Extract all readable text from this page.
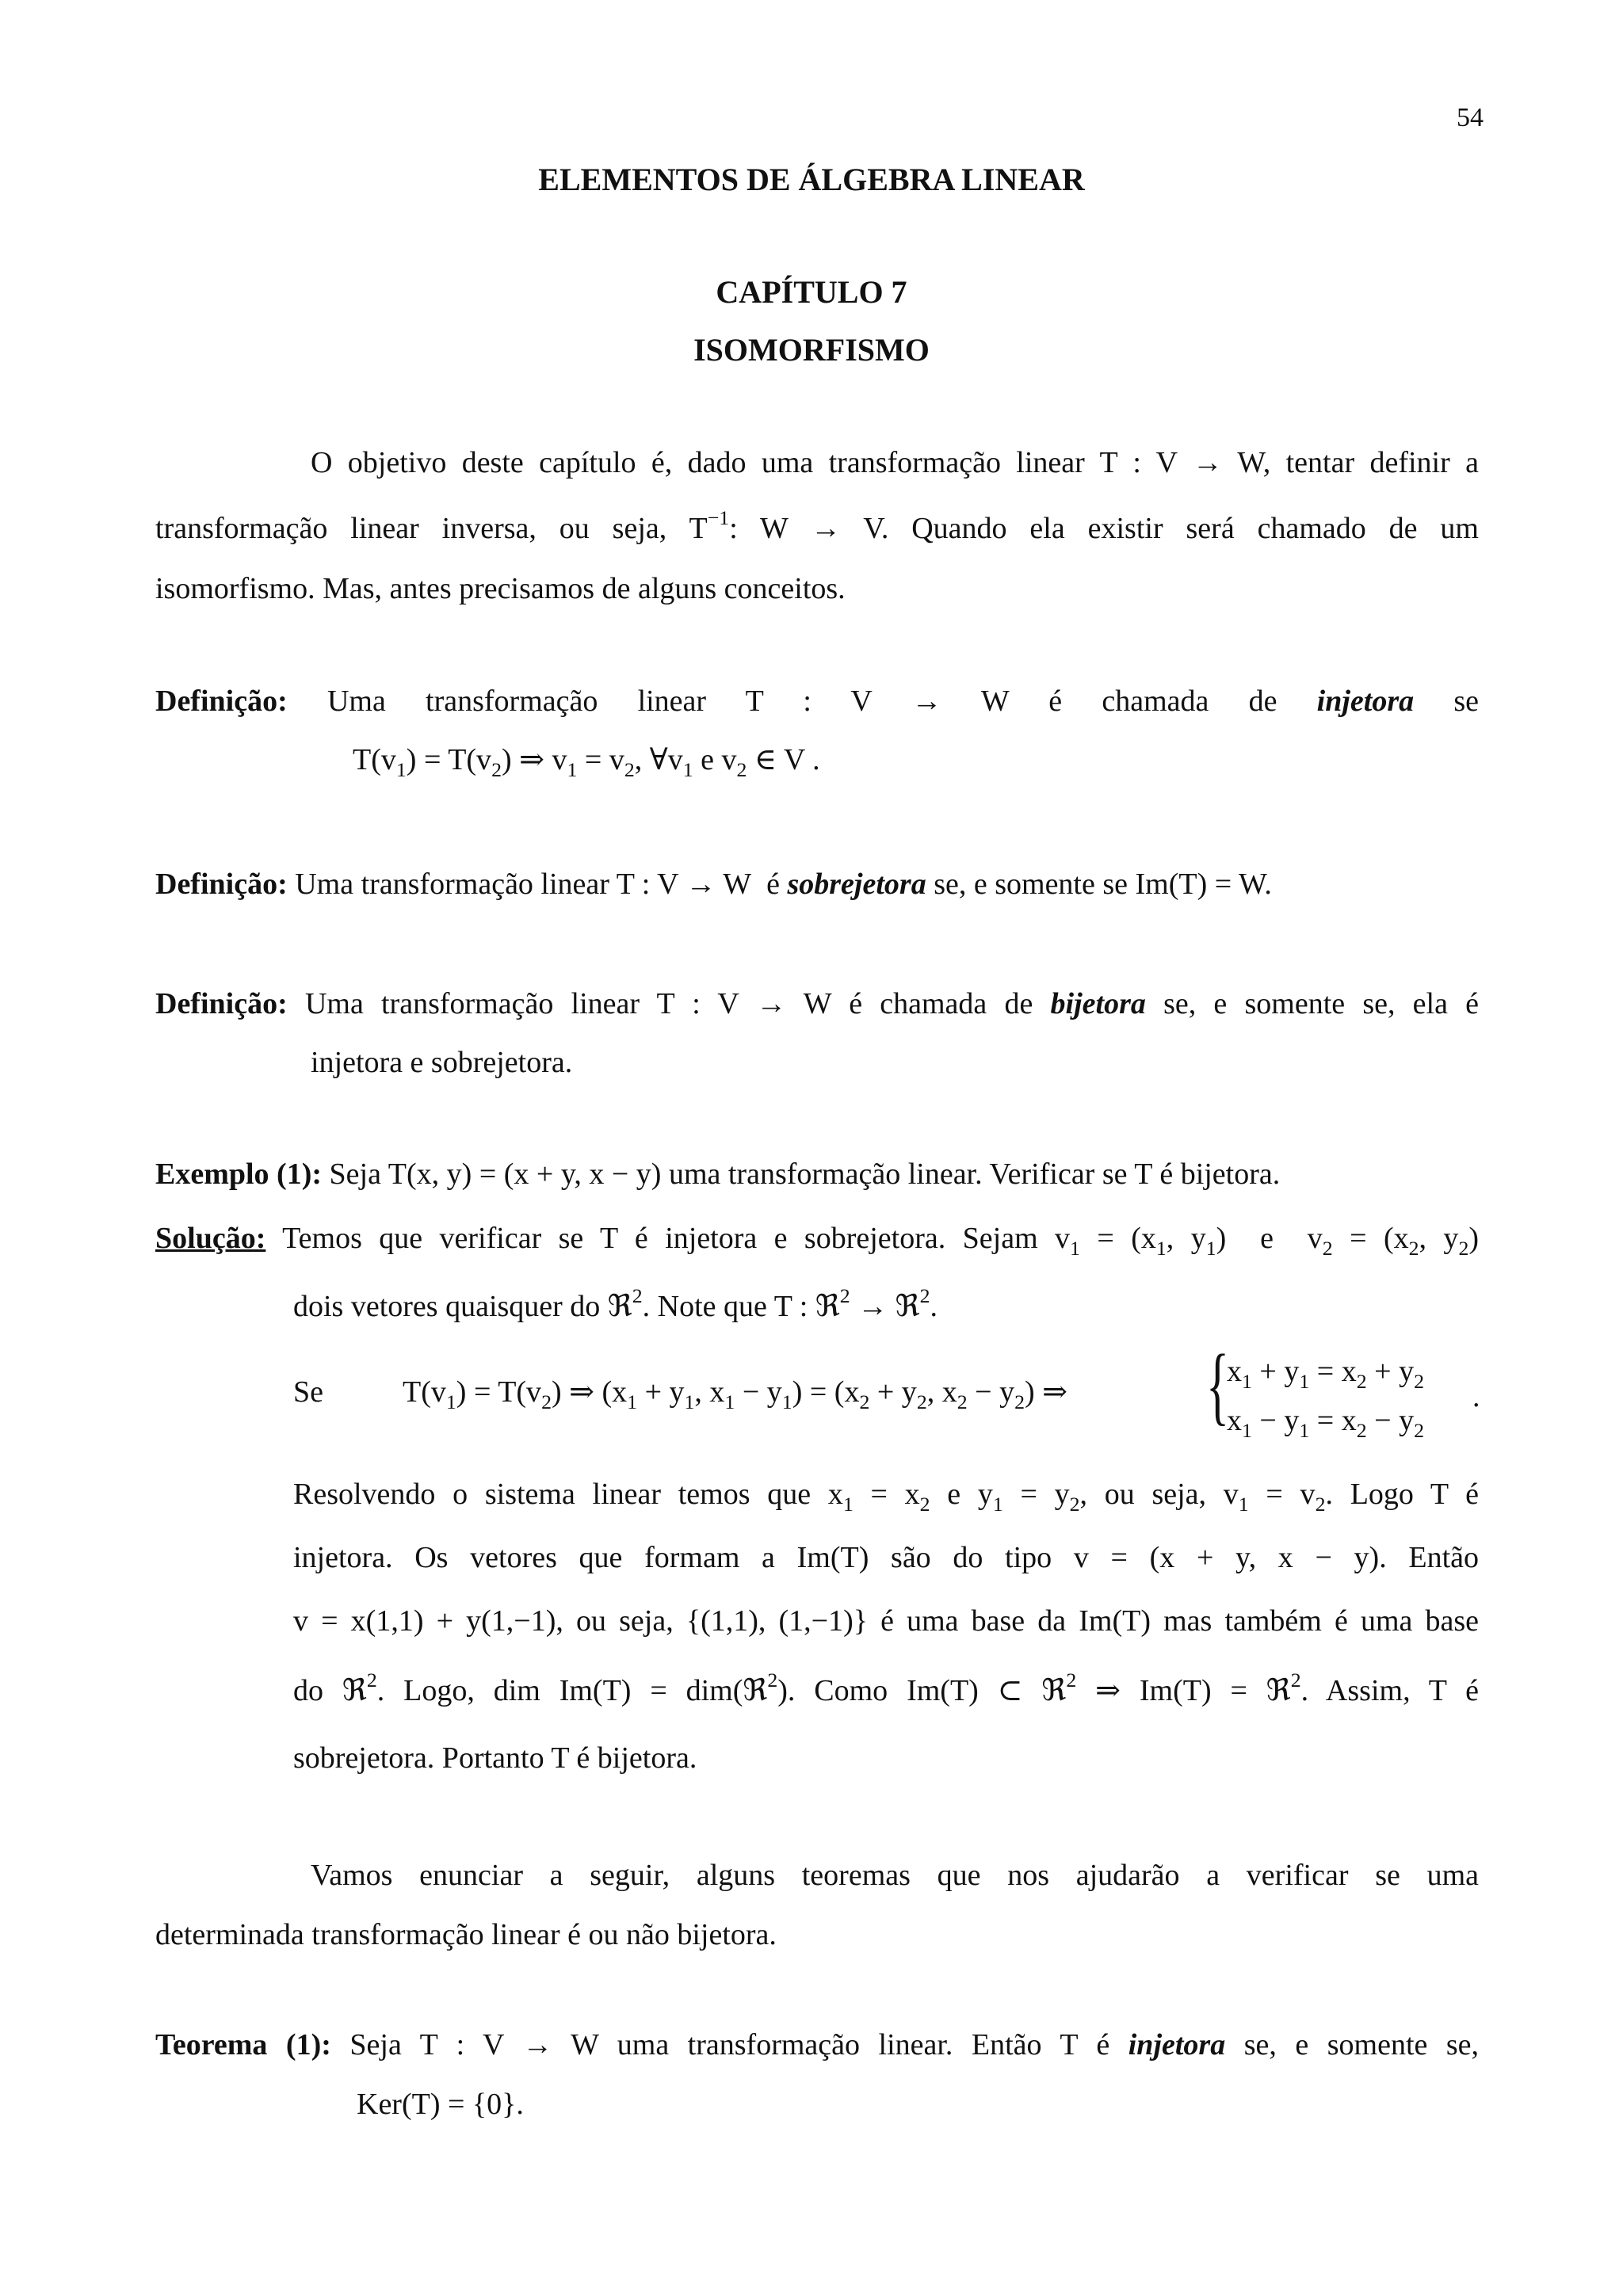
54
ELEMENTOS DE ÁLGEBRA LINEAR
CAPÍTULO 7
ISOMORFISMO
O objetivo deste capítulo é, dado uma transformação linear T : V → W, tentar definir a
transformação linear inversa, ou seja, $T^{-1}$: W → V. Quando ela existir será chamado de um
isomorfismo. Mas, antes precisamos de alguns conceitos.
Definição: Uma transformação linear T : V → W é chamada de injetora se
$T(v_1) = T(v_2)$ ⇒ $v_1 = v_2$, $\forall v_1$ e $v_2$ ∈ V .
Definição: Uma transformação linear T : V → W é sobrejetora se, e somente se Im(T) = W.
Definição: Uma transformação linear T : V → W é chamada de bijetora se, e somente se, ela é
injetora e sobrejetora.
Exemplo (1): Seja T(x, y) = (x + y, x − y) uma transformação linear. Verificar se T é bijetora.
Solução: Temos que verificar se T é injetora e sobrejetora. Sejam $v_1 = (x_1$, $y_1$)  e  $v_2 = (x_2$, $y_2$)
dois vetores quaisquer do ℜ$^2$. Note que T : ℜ$^2$ → ℜ$^2$.
Se	$T(v_1) = T(v_2)$ ⇒ ($x_1 + y_1$, $x_1 - y_1) = (x_2 + y_2$, $x_2 - y_2$) ⇒ {
$x_1 + y_1 = x_2 + y_2$
$x_1 - y_1 = x_2 - y_2$
.
Resolvendo o sistema linear temos que $x_1 = x_2$ e $y_1 = y_2$, ou seja, $v_1 = v_2$. Logo T é
injetora. Os vetores que formam a Im(T) são do tipo v = (x + y, x − y). Então
v = x(1,1) + y(1,−1), ou seja, {(1,1), (1,−1)} é uma base da Im(T) mas também é uma base
do ℜ$^2$. Logo, dim Im(T) = dim(ℜ$^2$). Como Im(T) ⊂ ℜ$^2$ ⇒ Im(T) = ℜ$^2$. Assim, T é
sobrejetora. Portanto T é bijetora.
Vamos enunciar a seguir, alguns teoremas que nos ajudarão a verificar se uma
determinada transformação linear é ou não bijetora.
Teorema (1): Seja T : V → W uma transformação linear. Então T é injetora se, e somente se,
Ker(T) = {0}.
